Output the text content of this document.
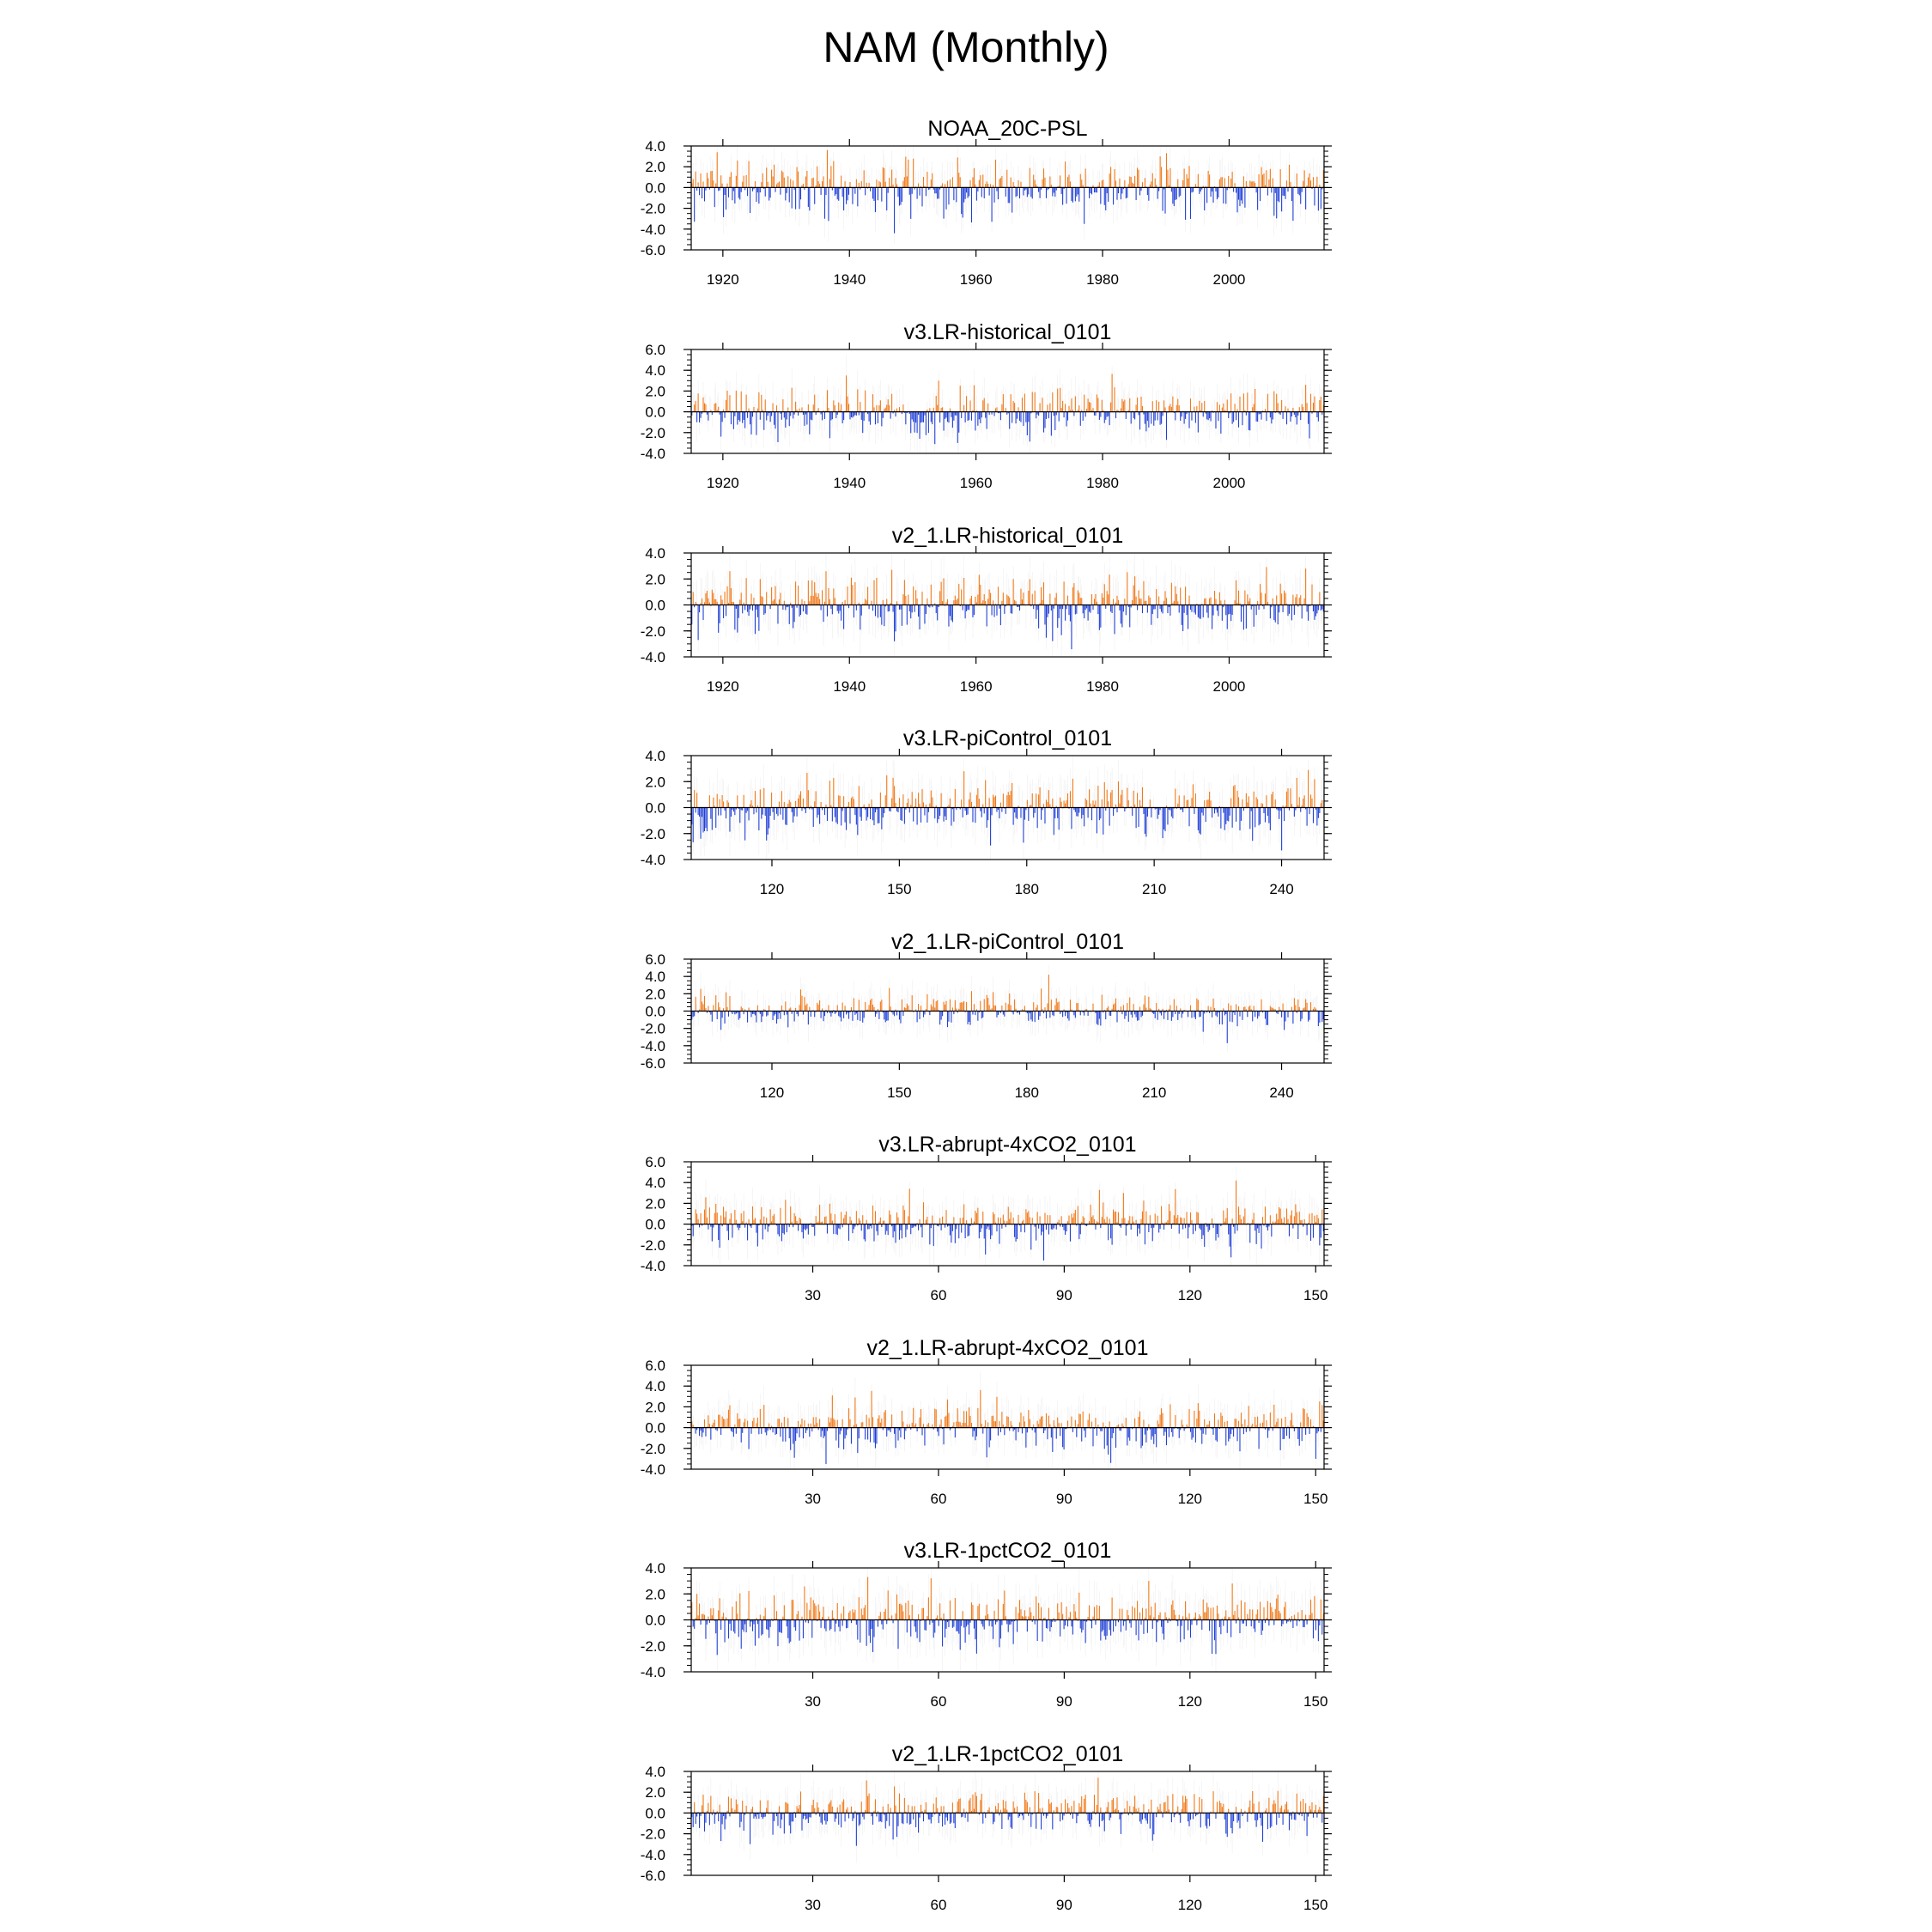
NAM (Monthly)
NOAA_20C-PSL
4.0
2.0
0.0
-2.0
-4.0
-6.0
1920	1940	1960	1980	2000
v3.LR-historical_0101
6.0
4.0
2.0
0.0
-2.0
-4.0
1920	1940	1960	1980	2000
v2_1.LR-historical_0101
4.0
2.0
0.0
-2.0
-4.0
1920	1940	1960	1980	2000
v3.LR-piControl_0101
4.0
2.0
0.0
-2.0
-4.0
120	150	180	210	240
v2_1.LR-piControl_0101
6.0
4.0
2.0
0.0
-2.0
-4.0
-6.0
120	150	180	210	240
v3.LR-abrupt-4xCO2_0101
6.0
4.0
2.0
0.0
-2.0
-4.0
30	60	90	120	150
v2_1.LR-abrupt-4xCO2_0101
6.0
4.0
2.0
0.0
-2.0
-4.0
30	60	90	120	150
v3.LR-1pctCO2_0101
4.0
2.0
0.0
-2.0
-4.0
30	60	90	120	150
v2_1.LR-1pctCO2_0101
4.0
2.0
0.0
-2.0
-4.0
-6.0
30	60	90	120	150
